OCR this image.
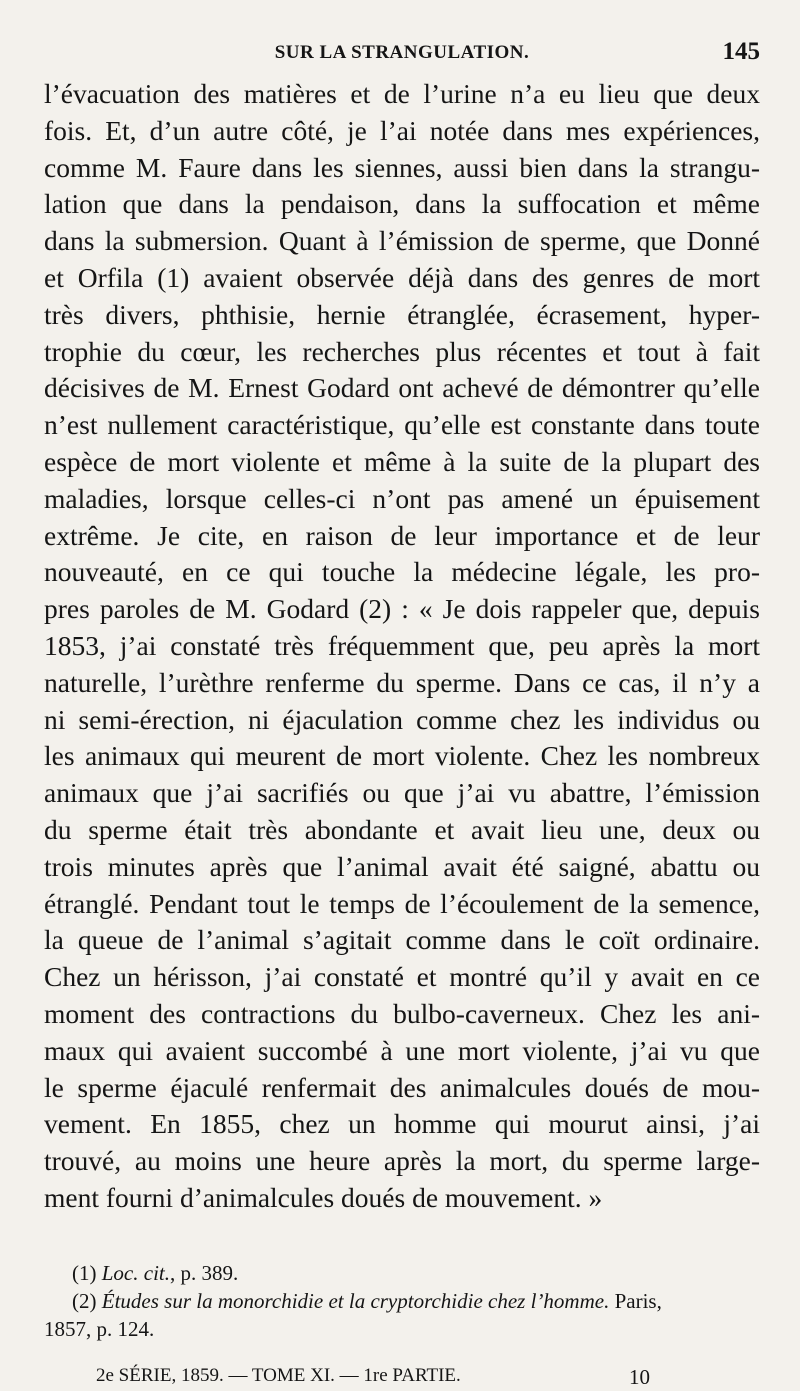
SUR LA STRANGULATION.	145

l’évacuation des matières et de l’urine n’a eu lieu que deux

fois. Et, d’un autre côté, je l’ai notée dans mes expériences,

comme M. Faure dans les siennes, aussi bien dans la strangu-

lation que dans la pendaison, dans la suffocation et même

dans la submersion. Quant à l’émission de sperme, que Donné

et Orfila (1) avaient observée déjà dans des genres de mort

très divers, phthisie, hernie étranglée, écrasement, hyper-

trophie du cœur, les recherches plus récentes et tout à fait

décisives de M. Ernest Godard ont achevé de démontrer qu’elle

n’est nullement caractéristique, qu’elle est constante dans toute

espèce de mort violente et même à la suite de la plupart des

maladies, lorsque celles-ci n’ont pas amené un épuisement

extrême. Je cite, en raison de leur importance et de leur

nouveauté, en ce qui touche la médecine légale, les pro-

pres paroles de M. Godard (2) : « Je dois rappeler que, depuis

1853, j’ai constaté très fréquemment que, peu après la mort

naturelle, l’urèthre renferme du sperme. Dans ce cas, il n’y a

ni semi-érection, ni éjaculation comme chez les individus ou

les animaux qui meurent de mort violente. Chez les nombreux

animaux que j’ai sacrifiés ou que j’ai vu abattre, l’émission

du sperme était très abondante et avait lieu une, deux ou

trois minutes après que l’animal avait été saigné, abattu ou

étranglé. Pendant tout le temps de l’écoulement de la semence,

la queue de l’animal s’agitait comme dans le coït ordinaire.

Chez un hérisson, j’ai constaté et montré qu’il y avait en ce

moment des contractions du bulbo-caverneux. Chez les ani-

maux qui avaient succombé à une mort violente, j’ai vu que

le sperme éjaculé renfermait des animalcules doués de mou-

vement. En 1855, chez un homme qui mourut ainsi, j’ai

trouvé, au moins une heure après la mort, du sperme large-

ment fourni d’animalcules doués de mouvement. »

(1) Loc. cit., p. 389.

(2) Études sur la monorchidie et la cryptorchidie chez l’homme. Paris,

1857, p. 124.

2e SÉRIE, 1859. — TOME XI. — 1re PARTIE.	10
